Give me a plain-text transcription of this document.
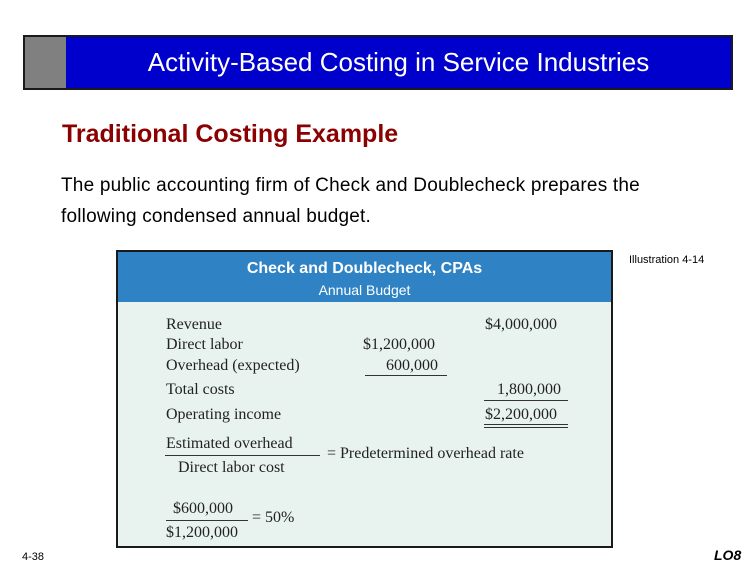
Activity-Based Costing in Service Industries
Traditional Costing Example
The public accounting firm of Check and Doublecheck prepares the following condensed annual budget.
Check and Doublecheck, CPAs
Annual Budget
Revenue	$4,000,000
Direct labor	$1,200,000
Overhead (expected)	600,000
Total costs	1,800,000
Operating income	$2,200,000
Estimated overhead
Direct labor cost
= Predetermined overhead rate
$600,000
$1,200,000
= 50%
Illustration 4-14
4-38	LO8
